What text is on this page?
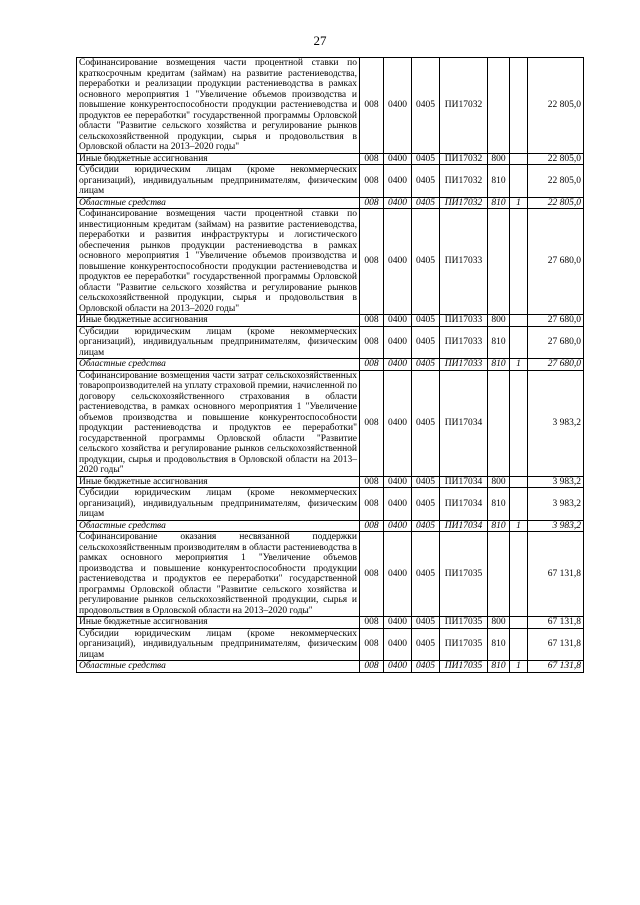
27
Софинансирование возмещения части процентной ставки по краткосрочным кредитам (займам) на развитие растениеводства, переработки и реализации продукции растениеводства в рамках основного мероприятия 1 "Увеличение объемов производства и повышение конкурентоспособности продукции растениеводства и продуктов ее переработки" государственной программы Орловской области "Развитие сельского хозяйства и регулирование рынков сельскохозяйственной продукции, сырья и продовольствия в Орловской области на 2013–2020 годы"	008	0400	0405	ПИ17032			22 805,0
Иные бюджетные ассигнования	008	0400	0405	ПИ17032	800		22 805,0
Субсидии юридическим лицам (кроме некоммерческих организаций), индивидуальным предпринимателям, физическим лицам	008	0400	0405	ПИ17032	810		22 805,0
Областные средства	008	0400	0405	ПИ17032	810	1	22 805,0
Софинансирование возмещения части процентной ставки по инвестиционным кредитам (займам) на развитие растениеводства, переработки и развития инфраструктуры и логистического обеспечения рынков продукции растениеводства в рамках основного мероприятия 1 "Увеличение объемов производства и повышение конкурентоспособности продукции растениеводства и продуктов ее переработки" государственной программы Орловской области "Развитие сельского хозяйства и регулирование рынков сельскохозяйственной продукции, сырья и продовольствия в Орловской области на 2013–2020 годы"	008	0400	0405	ПИ17033			27 680,0
Иные бюджетные ассигнования	008	0400	0405	ПИ17033	800		27 680,0
Субсидии юридическим лицам (кроме некоммерческих организаций), индивидуальным предпринимателям, физическим лицам	008	0400	0405	ПИ17033	810		27 680,0
Областные средства	008	0400	0405	ПИ17033	810	1	27 680,0
Софинансирование возмещения части затрат сельскохозяйственных товаропроизводителей на уплату страховой премии, начисленной по договору сельскохозяйственного страхования в области растениеводства, в рамках основного мероприятия 1 "Увеличение объемов производства и повышение конкурентоспособности продукции растениеводства и продуктов ее переработки" государственной программы Орловской области "Развитие сельского хозяйства и регулирование рынков сельскохозяйственной продукции, сырья и продовольствия в Орловской области на 2013–2020 годы"	008	0400	0405	ПИ17034			3 983,2
Иные бюджетные ассигнования	008	0400	0405	ПИ17034	800		3 983,2
Субсидии юридическим лицам (кроме некоммерческих организаций), индивидуальным предпринимателям, физическим лицам	008	0400	0405	ПИ17034	810		3 983,2
Областные средства	008	0400	0405	ПИ17034	810	1	3 983,2
Софинансирование оказания несвязанной поддержки сельскохозяйственным производителям в области растениеводства в рамках основного мероприятия 1 "Увеличение объемов производства и повышение конкурентоспособности продукции растениеводства и продуктов ее переработки" государственной программы Орловской области "Развитие сельского хозяйства и регулирование рынков сельскохозяйственной продукции, сырья и продовольствия в Орловской области на 2013–2020 годы"	008	0400	0405	ПИ17035			67 131,8
Иные бюджетные ассигнования	008	0400	0405	ПИ17035	800		67 131,8
Субсидии юридическим лицам (кроме некоммерческих организаций), индивидуальным предпринимателям, физическим лицам	008	0400	0405	ПИ17035	810		67 131,8
Областные средства	008	0400	0405	ПИ17035	810	1	67 131,8
